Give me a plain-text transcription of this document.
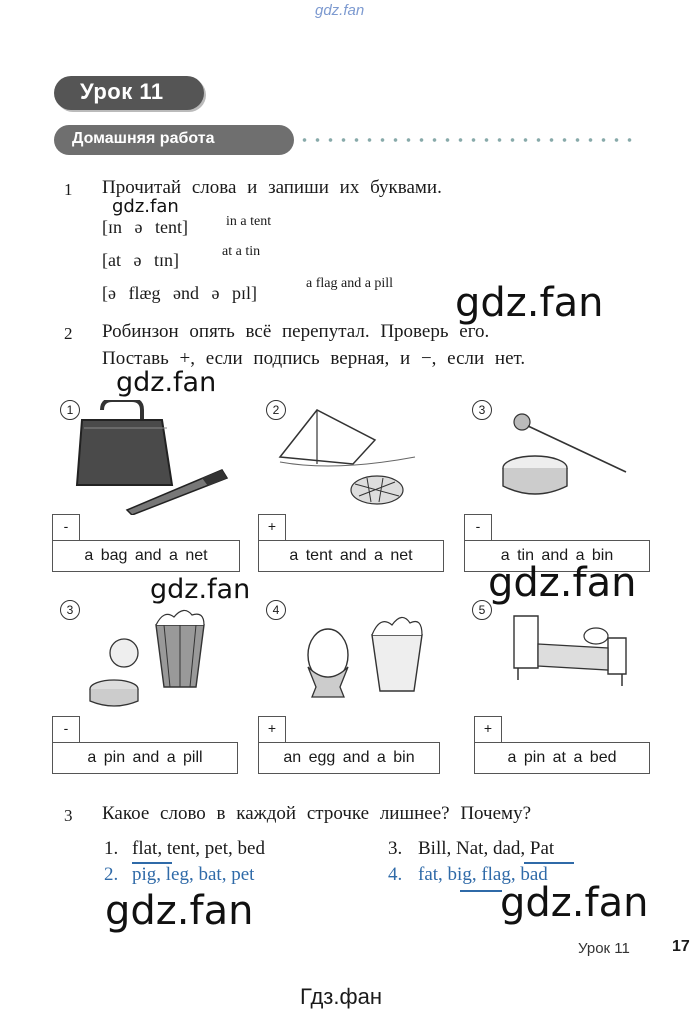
gdz.fan
Урок 11
Домашняя работа
1 Прочитай слова и запиши их буквами.
gdz.fan
[ɪn ə tent]	in a tent
[at ə tɪn]	at a tin
[ə flæg ənd ə pɪl]	a flag and a pill gdz.fan
2 Робинзон опять всё перепутал. Проверь его.
Поставь +, если подпись верная, и −, если нет.
gdz.fan
1	2	3
-
a bag and a net
+
a tent and a net
-
a tin and a bin
gdz.fan	gdz.fan
3	4	5
-
a pin and a pill
+
an egg and a bin
+
a pin at a bed
3 Какое слово в каждой строчке лишнее? Почему?
1. flat, tent, pet, bed
2. pig, leg, bat, pet
3. Bill, Nat, dad, Pat
4. fat, big, flag, bad
gdz.fan	gdz.fan
Урок 11	17
Гдз.фан
